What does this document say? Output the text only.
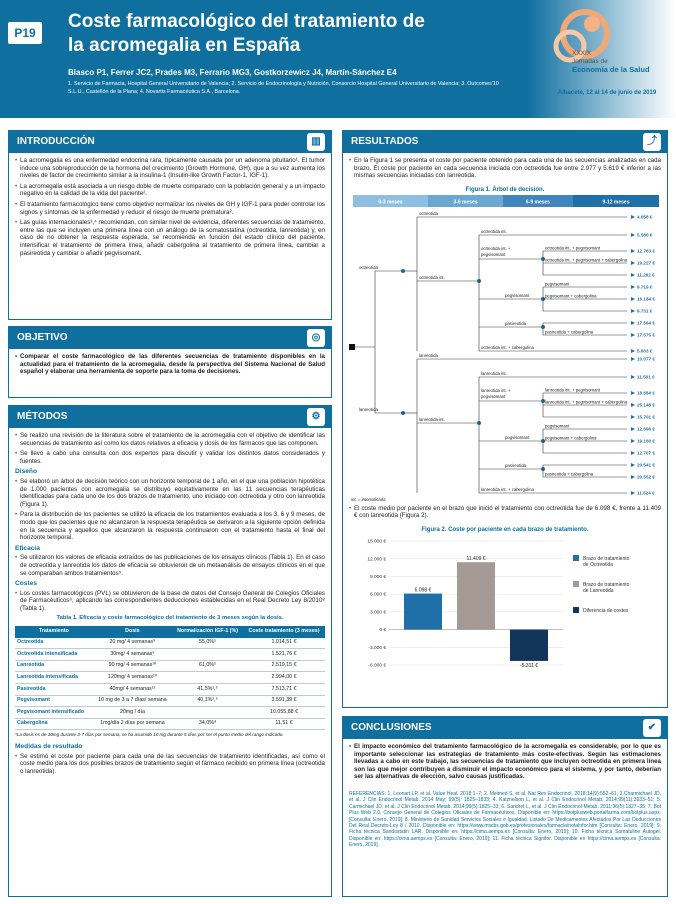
P19
Coste farmacológico del tratamiento de
la acromegalia en España
Blasco P1, Ferrer JC2, Prades M3, Ferrario MG3, Gostkorzewicz J4, Martín-Sánchez E4
1. Servicio de Farmacia, Hospital General Universitario de Valencia; 2. Servicio de Endocrinología y Nutrición, Consorcio Hospital General Universitario de Valencia; 3. Outcomes'10 S.L.U., Castellón de la Plana; 4. Novartis Farmacéutica S.A., Barcelona.
XXXIX
Jornadas de
Economía de la Salud
Albacete, 12 al 14 de junio de 2019
INTRODUCCIÓN	▥

• La acromegalia es una enfermedad endocrina rara, típicamente causada por un adenoma pituitario¹. El tumor induce una sobreproducción de la hormona del crecimiento (Growth Hormone, GH), que a su vez aumenta los niveles de factor de crecimiento similar a la insulina-1 (Insulin-like Growth Factor-1, IGF-1).

• La acromegalia está asociada a un riesgo doble de muerte comparado con la población general y a un impacto negativo en la calidad de la vida del paciente².

• El tratamiento farmacológico tiene como objetivo normalizar los niveles de GH y IGF-1 para poder controlar los signos y síntomas de la enfermedad y reducir el riesgo de muerte prematura².

• Las guías internacionales³,⁴ recomiendan, con similar nivel de evidencia, diferentes secuencias de tratamiento, entre las que se incluyen una primera línea con un análogo de la somatostatina (octreotida, lanreotida) y, en caso de no obtener la respuesta esperada, se recomienda en función del estado clínico del paciente, intensificar el tratamiento de primera línea, añadir cabergolina al tratamiento de primera línea, cambiar a pasireotida y cambiar o añadir pegvisomant.

OBJETIVO	◎

• Comparar el coste farmacológico de las diferentes secuencias de tratamiento disponibles en la actualidad para el tratamiento de la acromegalia, desde la perspectiva del Sistema Nacional de Salud español y elaborar una herramienta de soporte para la toma de decisiones.

MÉTODOS	⚙

• Se realizó una revisión de la literatura sobre el tratamiento de la acromegalia con el objetivo de identificar las secuencias de tratamiento así como los datos relativos a eficacia y dosis de los fármacos que las componen.

• Se llevó a cabo una consulta con dos expertos para discutir y validar los distintos datos considerados y fuentes.

Diseño

• Se elaboró un árbol de decisión teórico con un horizonte temporal de 1 año, en el que una población hipotética de 1.000 pacientes con acromegalia se distribuyó equitativamente en las 11 secuencias terapéuticas identificadas para cada uno de los dos brazos de tratamiento, uno iniciado con octreotida y otro con lanreotida (Figura 1).

• Para la distribución de los pacientes se utilizó la eficacia de los tratamientos evaluada a los 3, 6 y 9 meses, de modo que los pacientes que no alcanzaron la respuesta terapéutica se derivaron a la siguiente opción definida en la secuencia y aquellos que alcanzaron la respuesta continuaron con el tratamiento hasta el final del horizonte temporal.

Eficacia

• Se utilizaron los valores de eficacia extraídos de las publicaciones de los ensayos clínicos (Tabla 1). En el caso de octreotida y lanreotida los datos de eficacia se obtuvieron de un metaanálisis de ensayos clínicos en el que se comparaban ambos tratamientos⁵.

Costes

• Los costes farmacológicos (PVL) se obtuvieron de la base de datos del Consejo General de Colegios Oficiales de Farmacéuticos⁶, aplicando las correspondientes deducciones establecidas en el Real Decreto Ley 8/2010⁸ (Tabla 1).

Tabla 1. Eficacia y coste farmacológico del tratamiento de 3 meses según la dosis.
Tratamiento	Dosis	Normalización IGF-1 (%)	Coste tratamiento (3 meses)
Octreotida	20 mg/ 4 semanas⁹	55,0%⁵	1.014,51 €
Octreotida intensificada	30mg/ 4 semanas⁹		1.521,76 €
Lanreotida	90 mg/ 4 semanas¹⁰	61,0%⁵	2.519,15 €
Lanreotida intensificada	120mg/ 4 semanas¹⁰		2.994,00 €
Pasireotida	40mg/ 4 semanas¹¹	41,5%¹,⁵	7.513,71 €
Pegvisomant	10 mg de 3 a 7 días/ semana	40,1%¹,⁵	3.591,39 €
Pegvisomant intensificado	20mg / día		10.055,88 €
Cabergolina	1mg/día 2 días por semana	34,0%⁸	11,51 €
*La dosis es de 10mg durante 3-7 días por semana, se ha asumido 10 mg durante 5 días por ser el punto medio del rango indicado.
Medidas de resultado

• Se estimó el coste por paciente para cada una de las secuencias de tratamiento identificadas, así como el coste medio para los dos posibles brazos de tratamiento según el fármaco recibido en primera línea (octreotida o lanreotida).

RESULTADOS	⤴

• En la Figura 1 se presenta el coste por paciente obtenido para cada una de las secuencias analizadas en cada brazo. El coste por paciente en cada secuencia iniciada con octreotida fue entre 2.977 y 5.619 € inferior a las mismas secuencias iniciadas con lanreotida.

Figura 1. Árbol de decisión.
0-3 meses	3-6 meses	6-9 meses	9-12 meses
octreotida
octreotida
octreotida int.
octreotida int.
octreotida int. +
pegvisomant
octreotida int. + pegvisomant
octreotida int. + pegvisomant + cabergolina
pegvisomant
pegvisomant
pegvisomant + cabergolina
pasireotida
pasireotida + cabergolina
octreotida int. + cabergolina
4.058 €
5.580 €
12.763 €
19.227 €
11.262 €
9.719 €
16.184 €
9.731 €
17.564 €
17.575 €
5.603 €
lanreotida
lanreotida
lanreotida int.
lanreotida int.
lanreotida int. +
pegvisomant
lanreotida int. + pegvisomant
lanreotida int. + pegvisomant + cabergolina
pegvisomant
pegvisomant
pegvisomant + cabergolina
pasireotida
pasireotida + cabergolina
lanreotida int. + cabergolina
10.077 €
11.501 €
18.684 €
25.148 €
15.701 €
12.696 €
19.160 €
12.707 €
20.541 €
20.552 €
11.524 €
int. = intensificada

• El coste medio por paciente en el brazo que inició el tratamiento con octreotida fue de 6.098 €, frente a 11.409 € con lanreotida (Figura 2).

Figura 2. Coste por paciente en cada brazo de tratamiento.
-6.000 €
-3.000 €
0 €
3.000 €
6.000 €
9.000 €
12.000 €
15.000 €
6.098 €
11.409 €
-5.311 €
Brazo de tratamiento
de Octreotida
Brazo de tratamiento
de Lanreotida
Diferencia de costes
CONCLUSIONES	✔

• El impacto económico del tratamiento farmacológico de la acromegalia es considerable, por lo que es importante seleccionar las estrategias de tratamiento más coste-efectivas. Según las estimaciones llevadas a cabo en este trabajo, las secuencias de tratamiento que incluyen octreotida en primera línea son las que mejor contribuyen a disminuir el impacto económico para el sistema, y por tanto, deberían ser las alternativas de elección, salvo causas justificadas.

REFERENCIAS: 1. Leonart LP, et al. Value Heal. 2018;1–7; 2. Melmed S, et al. Nat Rev Endocrinol. 2018;14(9):552–61; 3.Charmichael JD, et al. J Clin Endocrinol Metab. 2014 May; 99(5): 1825–1833; 4. Katznelson L, et al. J Clin Endocrinol Metab. 2014;99(11):3933–51; 5. Carmichael JD, et al. J Clin Endocrinol Metab. 2014;99(5):1825–33; 6. Sandret L, et al. J Clin Endocrinol Metab. 2011;96(5):1327–35; 7. Bot Plus Web 2.0. Consejo General de Colegios Oficiales de Farmacéuticos. Disponible en: https://botplusweb.portalfarma.com/botplus.aspx. [Consulta: Enero, 2019]; 8. Ministerio de Sanidad Servicios Sociales e Igualdad. Listado De Medicamentos Afectados Por Las Deducciones Del Real Decreto-Ley 8 / 2010. Disponible en: https://www.mscbs.gob.es/profesionales/farmacia/notaInfor.htm [Consulta: Enero, 2019]; 9. Ficha técnica Sandostatin LAR. Disponible en: https://cima.aemps.es [Consulta: Enero, 2019]; 10. Ficha técnica Somatuline Autogel. Disponible en: https://cima.aemps.es [Consulta: Enero, 2019]; 11. Ficha técnica Signifor. Disponible en https://cima.aemps.es [Consulta: Enero, 2019].
